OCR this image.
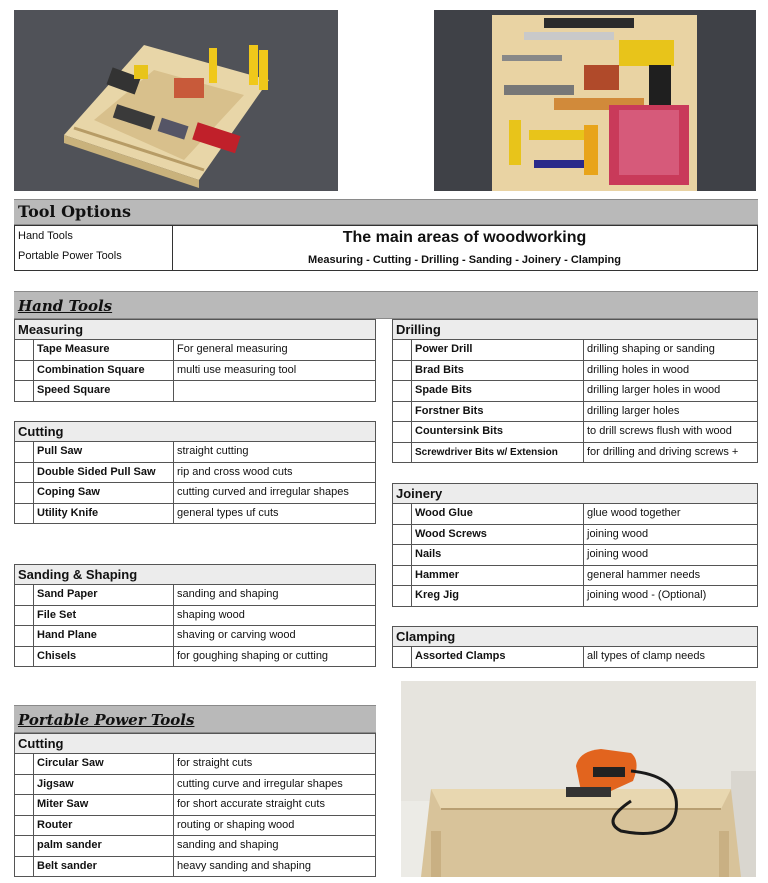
Tool Options
Hand Tools
Portable Power Tools
The main areas of woodworking
Measuring - Cutting - Drilling - Sanding - Joinery - Clamping
Hand Tools
Measuring
Tape Measure	For general measuring
Combination Square	multi use measuring tool
Speed Square
Cutting
Pull Saw	straight cutting
Double Sided Pull Saw	rip and cross wood cuts
Coping Saw	cutting curved and irregular shapes
Utility Knife	general types uf cuts
Sanding & Shaping
Sand Paper	sanding and shaping
File Set	shaping wood
Hand Plane	shaving or carving wood
Chisels	for goughing shaping or cutting
Drilling
Power Drill	drilling shaping or sanding
Brad Bits	drilling holes in wood
Spade Bits	drilling larger holes in wood
Forstner Bits	drilling larger holes
Countersink Bits	to drill screws flush with wood
Screwdriver Bits w/ Extension	for drilling and driving screws +
Joinery
Wood Glue	glue wood together
Wood Screws	joining wood
Nails	joining wood
Hammer	general hammer needs
Kreg Jig	joining wood - (Optional)
Clamping
Assorted Clamps	all types of clamp needs
Portable Power Tools
Cutting
Circular Saw	for straight cuts
Jigsaw	cutting curve and irregular shapes
Miter Saw	for short accurate straight cuts
Router	routing or shaping wood
palm sander	sanding and shaping
Belt sander	heavy sanding and shaping
